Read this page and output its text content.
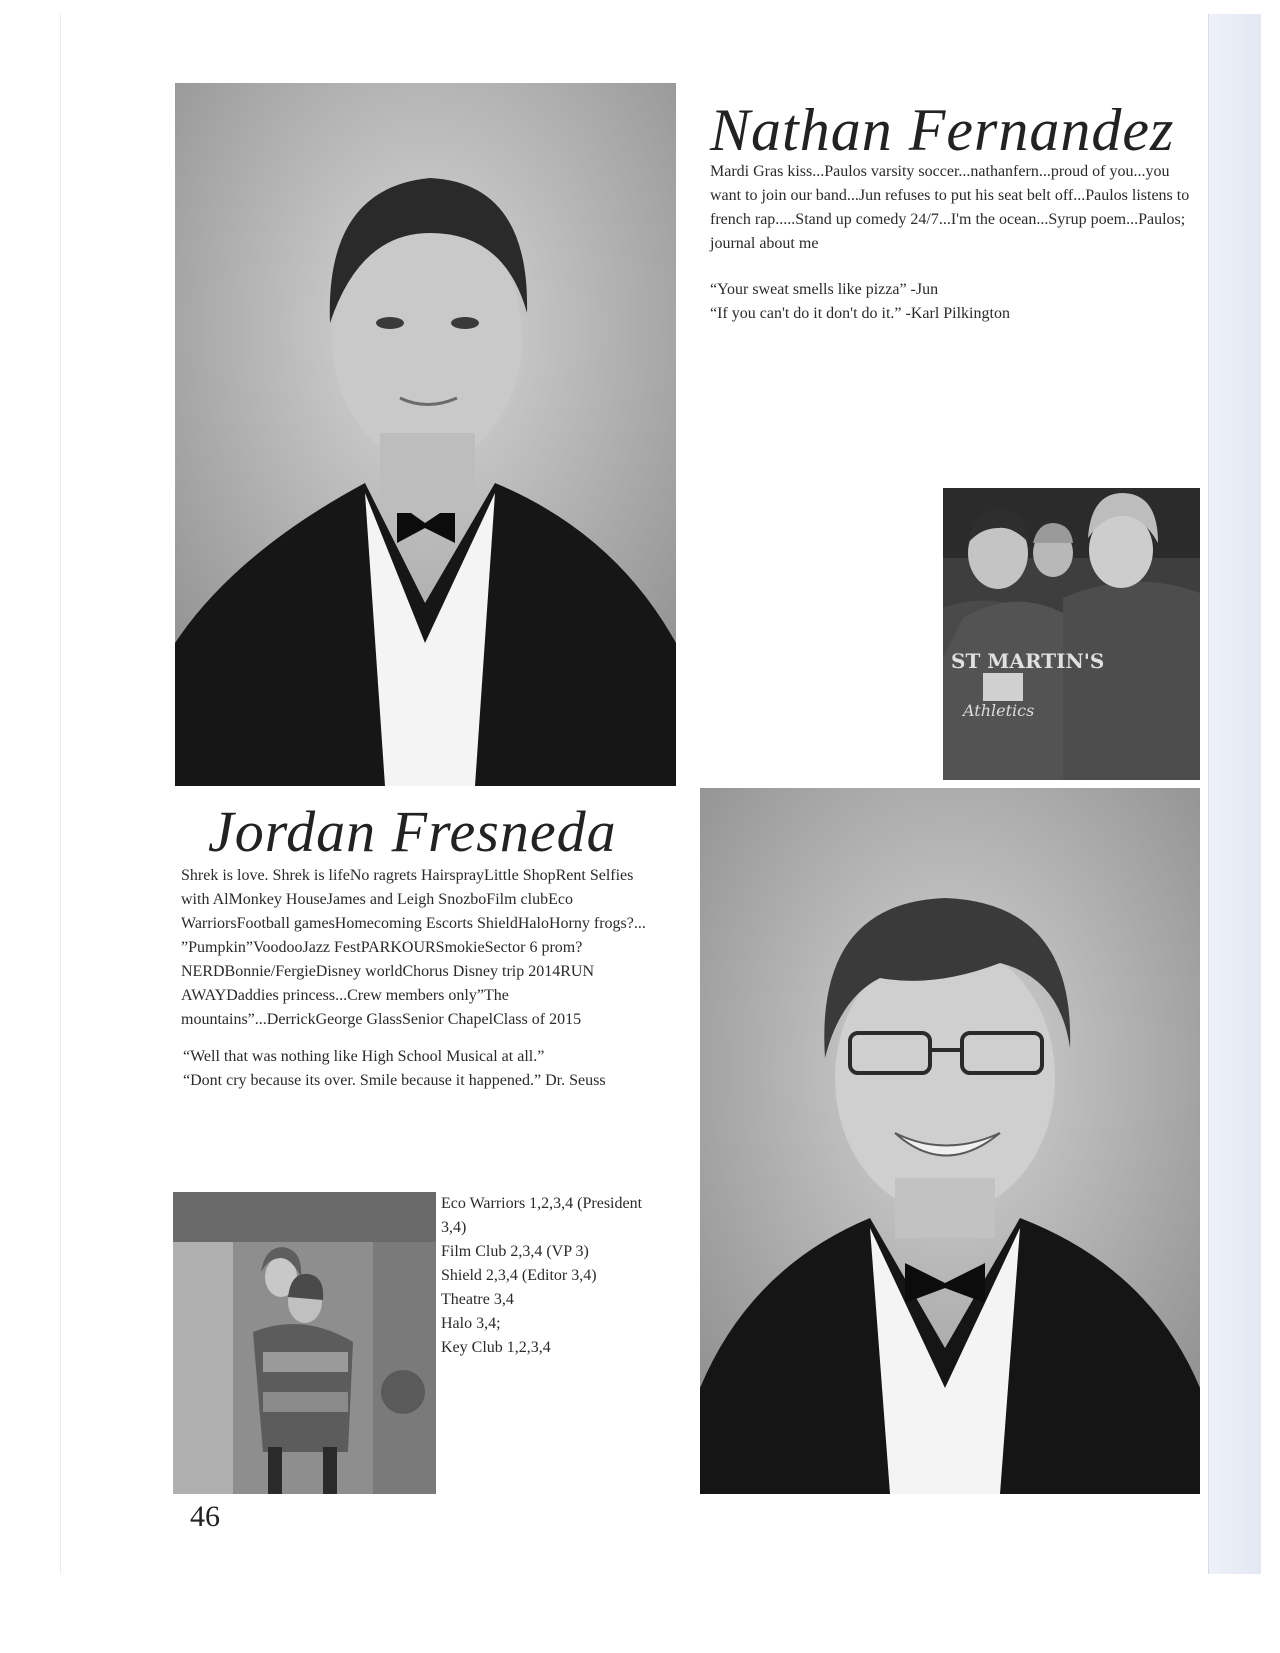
Nathan Fernandez
Mardi Gras kiss...Paulos varsity soccer...nathanfern...proud of you...you want to join our band...Jun refuses to put his seat belt off...Paulos listens to french rap.....Stand up comedy 24/7...I'm the ocean...Syrup poem...Paulos; journal about me
“Your sweat smells like pizza” -Jun
“If you can't do it don't do it.” -Karl Pilkington
ST MARTIN'S
Athletics
Jordan Fresneda
Shrek is love. Shrek is lifeNo ragrets HairsprayLittle ShopRent Selfies with AlMonkey HouseJames and Leigh SnozboFilm clubEco WarriorsFootball gamesHomecoming Escorts ShieldHaloHorny frogs?... ”Pumpkin”VoodooJazz FestPARKOURSmokieSector 6 prom?NERDBonnie/FergieDisney worldChorus Disney trip 2014RUN AWAYDaddies princess...Crew members only”The mountains”...DerrickGeorge GlassSenior ChapelClass of 2015
“Well that was nothing like High School Musical at all.”
“Dont cry because its over. Smile because it happened.” Dr. Seuss
Eco Warriors 1,2,3,4 (President
3,4)
Film Club 2,3,4 (VP 3)
Shield 2,3,4 (Editor 3,4)
Theatre 3,4
Halo 3,4;
Key Club 1,2,3,4
46
